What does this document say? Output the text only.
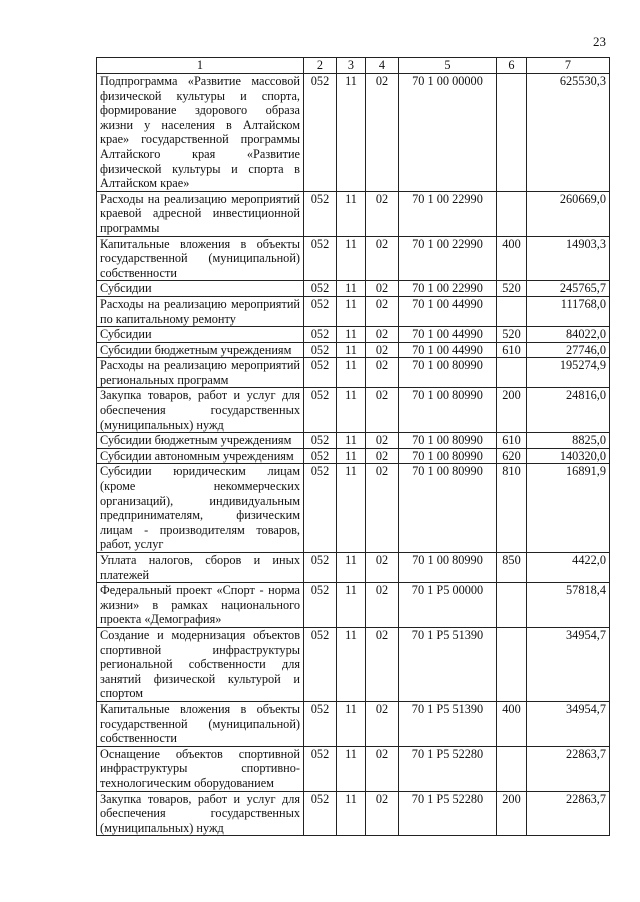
23
1	2	3	4	5	6	7
Подпрограмма «Развитие массовой физической культуры и спорта, формирование здорового образа жизни у населения в Алтайском крае» государственной программы Алтайского края «Развитие физической культуры и спорта в Алтайском крае»	052	11	02	70 1 00 00000		625530,3
Расходы на реализацию мероприятий краевой адресной инвестиционной программы	052	11	02	70 1 00 22990		260669,0
Капитальные вложения в объекты государственной (муниципальной) собственности	052	11	02	70 1 00 22990	400	14903,3
Субсидии	052	11	02	70 1 00 22990	520	245765,7
Расходы на реализацию мероприятий по капитальному ремонту	052	11	02	70 1 00 44990		111768,0
Субсидии	052	11	02	70 1 00 44990	520	84022,0
Субсидии бюджетным учреждениям	052	11	02	70 1 00 44990	610	27746,0
Расходы на реализацию мероприятий региональных программ	052	11	02	70 1 00 80990		195274,9
Закупка товаров, работ и услуг для обеспечения государственных (муниципальных) нужд	052	11	02	70 1 00 80990	200	24816,0
Субсидии бюджетным учреждениям	052	11	02	70 1 00 80990	610	8825,0
Субсидии автономным учреждениям	052	11	02	70 1 00 80990	620	140320,0
Субсидии юридическим лицам (кроме некоммерческих организаций), индивидуальным предпринимателям, физическим лицам - производителям товаров, работ, услуг	052	11	02	70 1 00 80990	810	16891,9
Уплата налогов, сборов и иных платежей	052	11	02	70 1 00 80990	850	4422,0
Федеральный проект «Спорт - норма жизни» в рамках национального проекта «Демография»	052	11	02	70 1 P5 00000		57818,4
Создание и модернизация объектов спортивной инфраструктуры региональной собственности для занятий физической культурой и спортом	052	11	02	70 1 P5 51390		34954,7
Капитальные вложения в объекты государственной (муниципальной) собственности	052	11	02	70 1 P5 51390	400	34954,7
Оснащение объектов спортивной инфраструктуры спортивно-технологическим оборудованием	052	11	02	70 1 P5 52280		22863,7
Закупка товаров, работ и услуг для обеспечения государственных (муниципальных) нужд	052	11	02	70 1 P5 52280	200	22863,7
